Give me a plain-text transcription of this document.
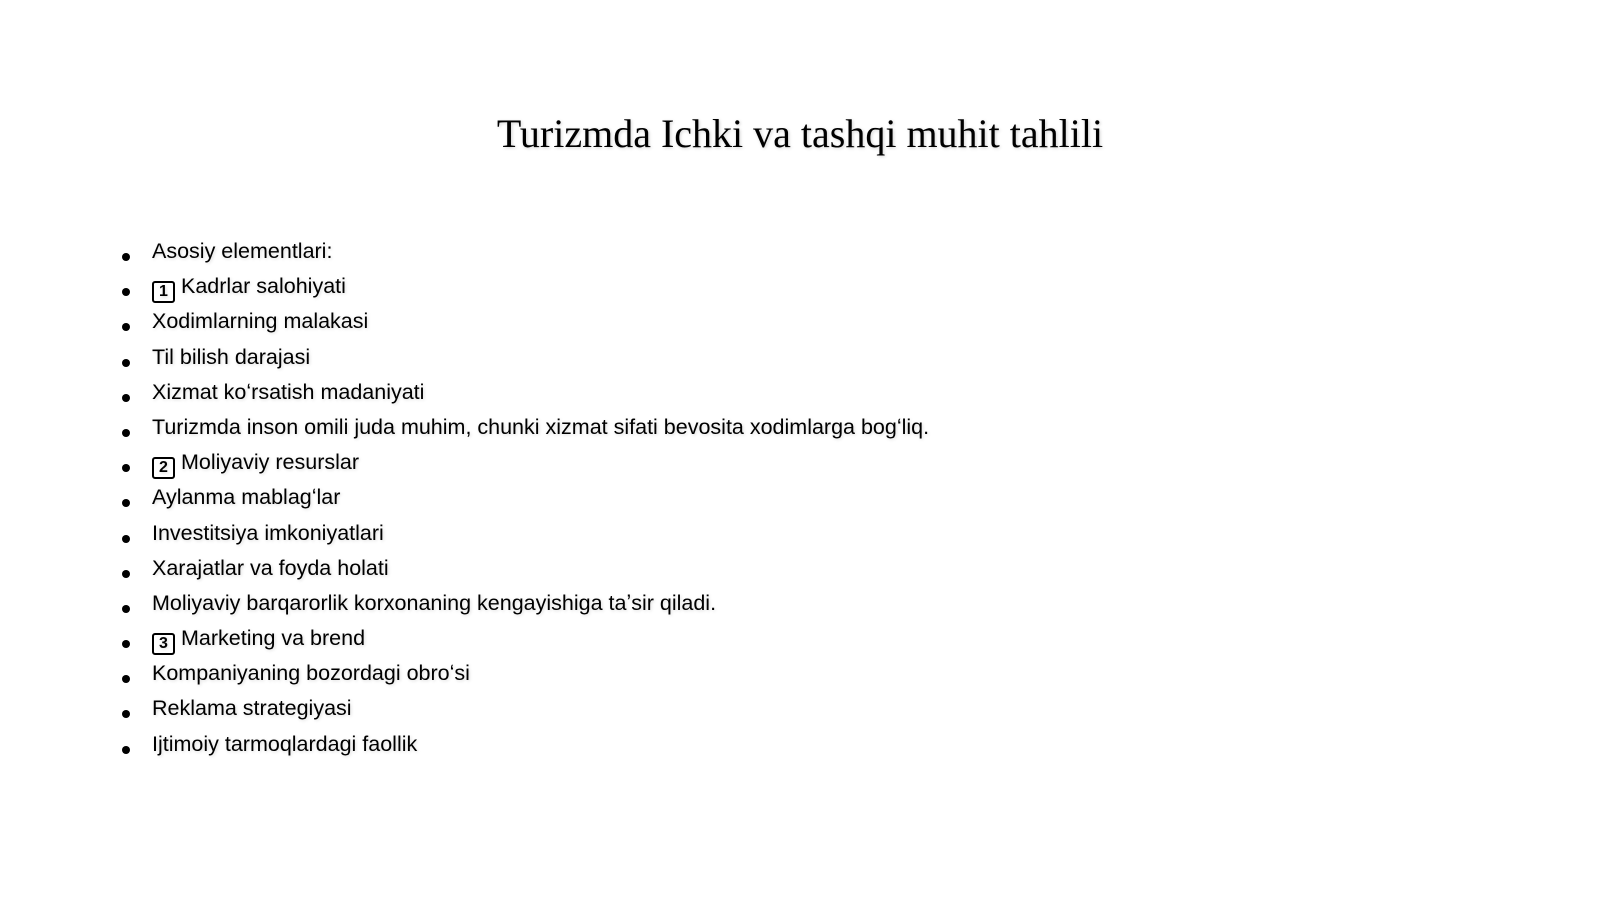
Turizmda Ichki va tashqi muhit tahlili
Asosiy elementlari:
1 Kadrlar salohiyati
Xodimlarning malakasi
Til bilish darajasi
Xizmat koʻrsatish madaniyati
Turizmda inson omili juda muhim, chunki xizmat sifati bevosita xodimlarga bogʻliq.
2 Moliyaviy resurslar
Aylanma mablagʻlar
Investitsiya imkoniyatlari
Xarajatlar va foyda holati
Moliyaviy barqarorlik korxonaning kengayishiga taʼsir qiladi.
3 Marketing va brend
Kompaniyaning bozordagi obroʻsi
Reklama strategiyasi
Ijtimoiy tarmoqlardagi faollik
